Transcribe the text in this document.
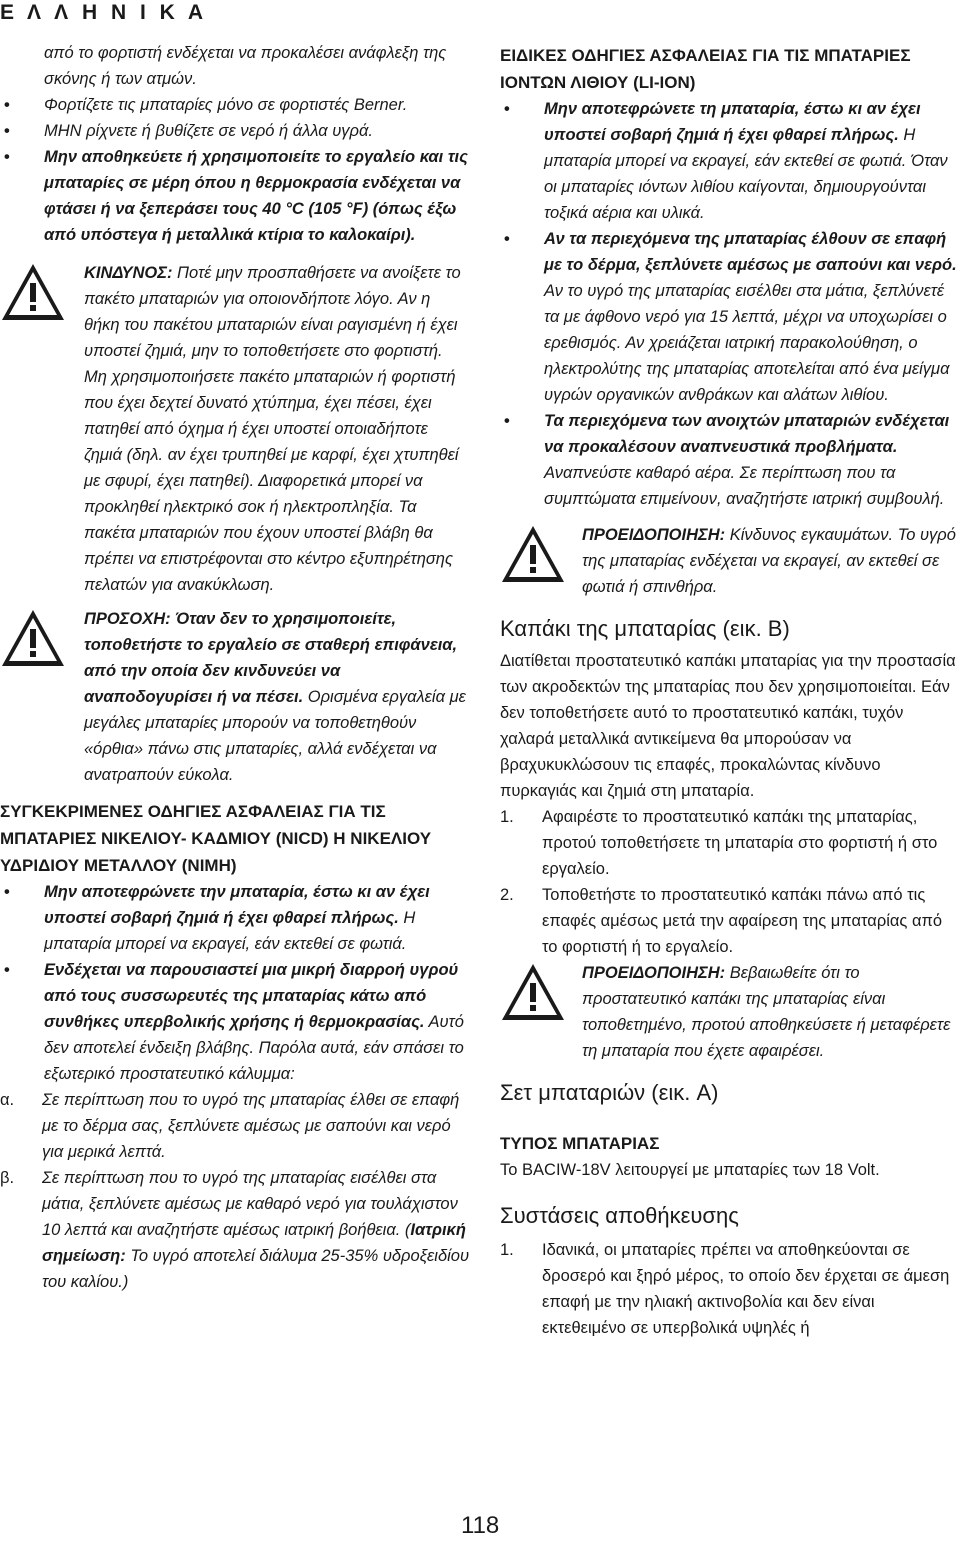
Ε Λ Λ Η Ν Ι Κ Α

από το φορτιστή ενδέχεται να προκαλέσει ανάφλεξη της σκόνης ή των ατμών.

• Φορτίζετε τις μπαταρίες μόνο σε φορτιστές Berner.
• ΜΗΝ ρίχνετε ή βυθίζετε σε νερό ή άλλα υγρά.
• Μην αποθηκεύετε ή χρησιμοποιείτε το εργαλείο και τις μπαταρίες σε μέρη όπου η θερμοκρασία ενδέχεται να φτάσει ή να ξεπεράσει τους 40 °C (105 °F) (όπως έξω από υπόστεγα ή μεταλλικά κτίρια το καλοκαίρι).

ΚΙΝΔΥΝΟΣ: Ποτέ μην προσπαθήσετε να ανοίξετε το πακέτο μπαταριών για οποιονδήποτε λόγο. Αν η θήκη του πακέτου μπαταριών είναι ραγισμένη ή έχει υποστεί ζημιά, μην το τοποθετήσετε στο φορτιστή. Μη χρησιμοποιήσετε πακέτο μπαταριών ή φορτιστή που έχει δεχτεί δυνατό χτύπημα, έχει πέσει, έχει πατηθεί από όχημα ή έχει υποστεί οποιαδήποτε ζημιά (δηλ. αν έχει τρυπηθεί με καρφί, έχει χτυπηθεί με σφυρί, έχει πατηθεί). Διαφορετικά μπορεί να προκληθεί ηλεκτρικό σοκ ή ηλεκτροπληξία. Τα πακέτα μπαταριών που έχουν υποστεί βλάβη θα πρέπει να επιστρέφονται στο κέντρο εξυπηρέτησης πελατών για ανακύκλωση.

ΠΡΟΣΟΧΗ: Όταν δεν το χρησιμοποιείτε, τοποθετήστε το εργαλείο σε σταθερή επιφάνεια, από την οποία δεν κινδυνεύει να αναποδογυρίσει ή να πέσει. Ορισμένα εργαλεία με μεγάλες μπαταρίες μπορούν να τοποθετηθούν «όρθια» πάνω στις μπαταρίες, αλλά ενδέχεται να ανατραπούν εύκολα.

ΣΥΓΚΕΚΡΙΜΕΝΕΣ ΟΔΗΓΙΕΣ ΑΣΦΑΛΕΙΑΣ ΓΙΑ ΤΙΣ ΜΠΑΤΑΡΙΕΣ ΝΙΚΕΛΙΟΥ- ΚΑΔΜΙΟΥ (NICD) Η ΝΙΚΕΛΙΟΥ ΥΔΡΙΔΙΟΥ ΜΕΤΑΛΛΟΥ (NIMH)

• Μην αποτεφρώνετε την μπαταρία, έστω κι αν έχει υποστεί σοβαρή ζημιά ή έχει φθαρεί πλήρως. Η μπαταρία μπορεί να εκραγεί, εάν εκτεθεί σε φωτιά.
• Ενδέχεται να παρουσιαστεί μια μικρή διαρροή υγρού από τους συσσωρευτές της μπαταρίας κάτω από συνθήκες υπερβολικής χρήσης ή θερμοκρασίας. Αυτό δεν αποτελεί ένδειξη βλάβης. Παρόλα αυτά, εάν σπάσει το εξωτερικό προστατευτικό κάλυμμα:
α. Σε περίπτωση που το υγρό της μπαταρίας έλθει σε επαφή με το δέρμα σας, ξεπλύνετε αμέσως με σαπούνι και νερό για μερικά λεπτά.
β. Σε περίπτωση που το υγρό της μπαταρίας εισέλθει στα μάτια, ξεπλύνετε αμέσως με καθαρό νερό για τουλάχιστον 10 λεπτά και αναζητήστε αμέσως ιατρική βοήθεια. (Ιατρική σημείωση: Το υγρό αποτελεί διάλυμα 25-35% υδροξειδίου του καλίου.)

ΕΙΔΙΚΕΣ ΟΔΗΓΙΕΣ ΑΣΦΑΛΕΙΑΣ ΓΙΑ ΤΙΣ ΜΠΑΤΑΡΙΕΣ ΙΟΝΤΩΝ ΛΙΘΙΟΥ (LI-ION)

• Μην αποτεφρώνετε τη μπαταρία, έστω κι αν έχει υποστεί σοβαρή ζημιά ή έχει φθαρεί πλήρως. Η μπαταρία μπορεί να εκραγεί, εάν εκτεθεί σε φωτιά. Όταν οι μπαταρίες ιόντων λιθίου καίγονται, δημιουργούνται τοξικά αέρια και υλικά.
• Αν τα περιεχόμενα της μπαταρίας έλθουν σε επαφή με το δέρμα, ξεπλύνετε αμέσως με σαπούνι και νερό. Αν το υγρό της μπαταρίας εισέλθει στα μάτια, ξεπλύνετέ τα με άφθονο νερό για 15 λεπτά, μέχρι να υποχωρίσει ο ερεθισμός. Αν χρειάζεται ιατρική παρακολούθηση, ο ηλεκτρολύτης της μπαταρίας αποτελείται από ένα μείγμα υγρών οργανικών ανθράκων και αλάτων λιθίου.
• Τα περιεχόμενα των ανοιχτών μπαταριών ενδέχεται να προκαλέσουν αναπνευστικά προβλήματα. Αναπνεύστε καθαρό αέρα. Σε περίπτωση που τα συμπτώματα επιμείνουν, αναζητήστε ιατρική συμβουλή.

ΠΡΟΕΙΔΟΠΟΙΗΣΗ: Κίνδυνος εγκαυμάτων. Το υγρό της μπαταρίας ενδέχεται να εκραγεί, αν εκτεθεί σε φωτιά ή σπινθήρα.

Καπάκι της μπαταρίας (εικ. B)

Διατίθεται προστατευτικό καπάκι μπαταρίας για την προστασία των ακροδεκτών της μπαταρίας που δεν χρησιμοποιείται. Εάν δεν τοποθετήσετε αυτό το προστατευτικό καπάκι, τυχόν χαλαρά μεταλλικά αντικείμενα θα μπορούσαν να βραχυκυκλώσουν τις επαφές, προκαλώντας κίνδυνο πυρκαγιάς και ζημιά στη μπαταρία.

1. Αφαιρέστε το προστατευτικό καπάκι της μπαταρίας, προτού τοποθετήσετε τη μπαταρία στο φορτιστή ή στο εργαλείο.
2. Τοποθετήστε το προστατευτικό καπάκι πάνω από τις επαφές αμέσως μετά την αφαίρεση της μπαταρίας από το φορτιστή ή το εργαλείο.

ΠΡΟΕΙΔΟΠΟΙΗΣΗ: Βεβαιωθείτε ότι το προστατευτικό καπάκι της μπαταρίας είναι τοποθετημένο, προτού αποθηκεύσετε ή μεταφέρετε τη μπαταρία που έχετε αφαιρέσει.

Σετ μπαταριών (εικ. A)

ΤΥΠΟΣ ΜΠΑΤΑΡΙΑΣ

Το BACIW-18V λειτουργεί με μπαταρίες των 18 Volt.

Συστάσεις αποθήκευσης
1. Ιδανικά, οι μπαταρίες πρέπει να αποθηκεύονται σε δροσερό και ξηρό μέρος, το οποίο δεν έρχεται σε άμεση επαφή με την ηλιακή ακτινοβολία και δεν είναι εκτεθειμένο σε υπερβολικά υψηλές ή
118
